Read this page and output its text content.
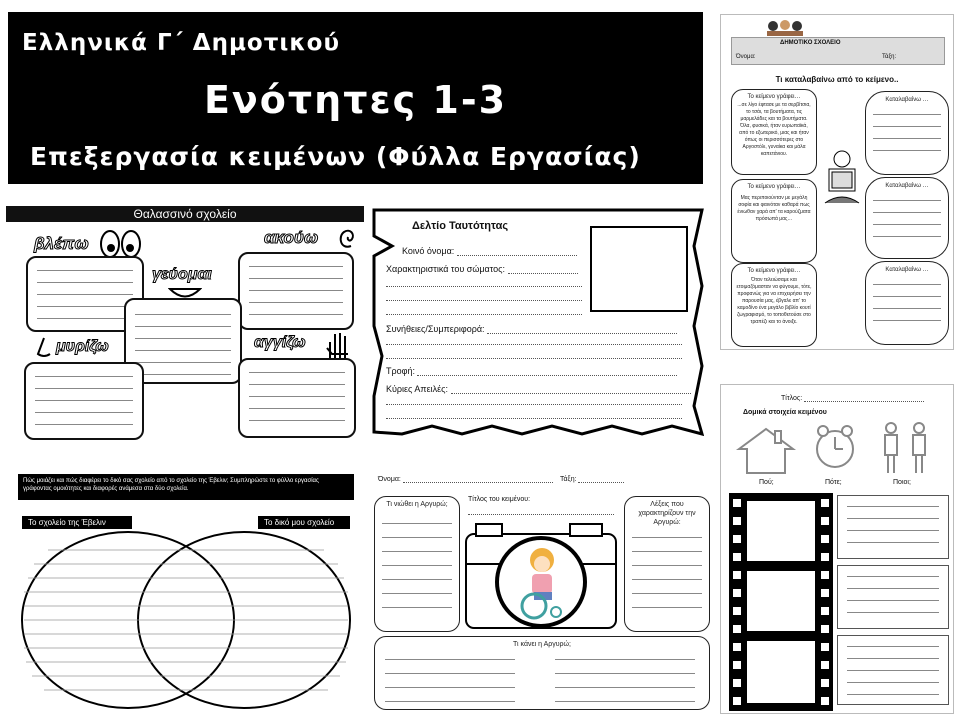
Ελληνικά Γ΄ Δημοτικού
Ενότητες 1-3
Επεξεργασία κειμένων (Φύλλα Εργασίας)
Θαλασσινό σχολείο
βλέπω	ακούω
γεύομαι
μυρίζω	αγγίζω
Δελτίο Ταυτότητας
Κοινό όνομα:
Χαρακτηριστικά του σώματος:
Συνήθειες/Συμπεριφορά:
Τροφή:
Κύριες Απειλές:
ΔΗΜΟΤΙΚΟ ΣΧΟΛΕΙΟ
Όνομα:	Τάξη:
Τι καταλαβαίνω από το κείμενο..
Το κείμενο γράφει…
...σε λίγο έφτασε με τα σερβίτσια, το τσάι, τα βουτήματα, τις μαρμελάδες και τα βουτήματα. Όλα, φυσικά, ήταν ευρωπαϊκά, από το εξωτερικό, μιας και ήταν όπως οι περισσότερες στο Αργοστόλι, γυναίκα και μάλα καπετάνιου.
Το κείμενο γράφει…
Μας περιποιούνταν με μεγάλη σοφία και φαινόταν καθαρά πως ένιωθαν χαρά απ' τα καρούζματα πρόσωπά μας…
Το κείμενο γράφει…
Όταν τελειώσαμε και ετοιμαζόμασταν να φύγουμε, τότε, προφανώς για να επιχειρήσει την παρουσία μας, έβγαλε απ' το καμοδίνο ένα μεγάλο βιβλίο κουτί ζωγραφισμό, το τοποθετούσε στο τραπέζι και το άνοιξε.
Καταλαβαίνω …
Καταλαβαίνω …
Καταλαβαίνω …
Πώς μοιάζει και πώς διαφέρει το δικό σας σχολείο από το σχολείο της Έβελιν; Συμπληρώστε το φύλλο εργασίας γράφοντας ομοιότητες και διαφορές ανάμεσα στα δύο σχολεία.
Το σχολείο της Έβελιν	Το δικό μου σχολείο
Όνομα:	Τάξη:
Τι νιώθει η Αργυρώ;
Τίτλος του κειμένου:
Λέξεις που χαρακτηρίζουν την Αργυρώ:
Τι κάνει η Αργυρώ;
Τίτλος:
Δομικά στοιχεία κειμένου
Πού;	Πότε;	Ποιοι;
